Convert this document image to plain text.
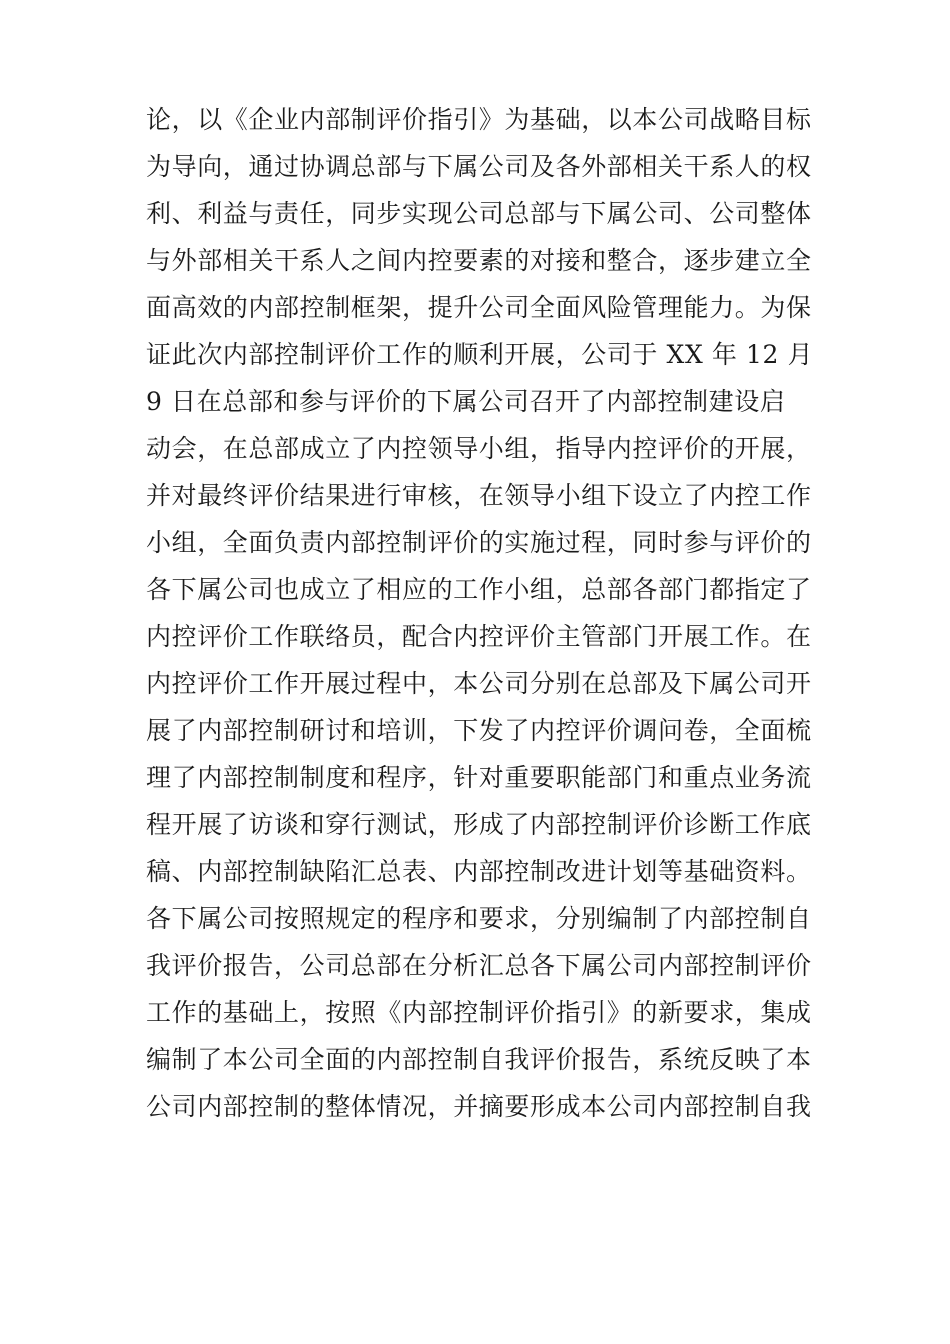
论，以《企业内部制评价指引》为基础，以本公司战略目标
为导向，通过协调总部与下属公司及各外部相关干系人的权
利、利益与责任，同步实现公司总部与下属公司、公司整体
与外部相关干系人之间内控要素的对接和整合，逐步建立全
面高效的内部控制框架，提升公司全面风险管理能力。为保
证此次内部控制评价工作的顺利开展，公司于 XX 年 12 月
9 日在总部和参与评价的下属公司召开了内部控制建设启
动会，在总部成立了内控领导小组，指导内控评价的开展，
并对最终评价结果进行审核，在领导小组下设立了内控工作
小组，全面负责内部控制评价的实施过程，同时参与评价的
各下属公司也成立了相应的工作小组，总部各部门都指定了
内控评价工作联络员，配合内控评价主管部门开展工作。在
内控评价工作开展过程中，本公司分别在总部及下属公司开
展了内部控制研讨和培训，下发了内控评价调问卷，全面梳
理了内部控制制度和程序，针对重要职能部门和重点业务流
程开展了访谈和穿行测试，形成了内部控制评价诊断工作底
稿、内部控制缺陷汇总表、内部控制改进计划等基础资料。
各下属公司按照规定的程序和要求，分别编制了内部控制自
我评价报告，公司总部在分析汇总各下属公司内部控制评价
工作的基础上，按照《内部控制评价指引》的新要求，集成
编制了本公司全面的内部控制自我评价报告，系统反映了本
公司内部控制的整体情况，并摘要形成本公司内部控制自我
